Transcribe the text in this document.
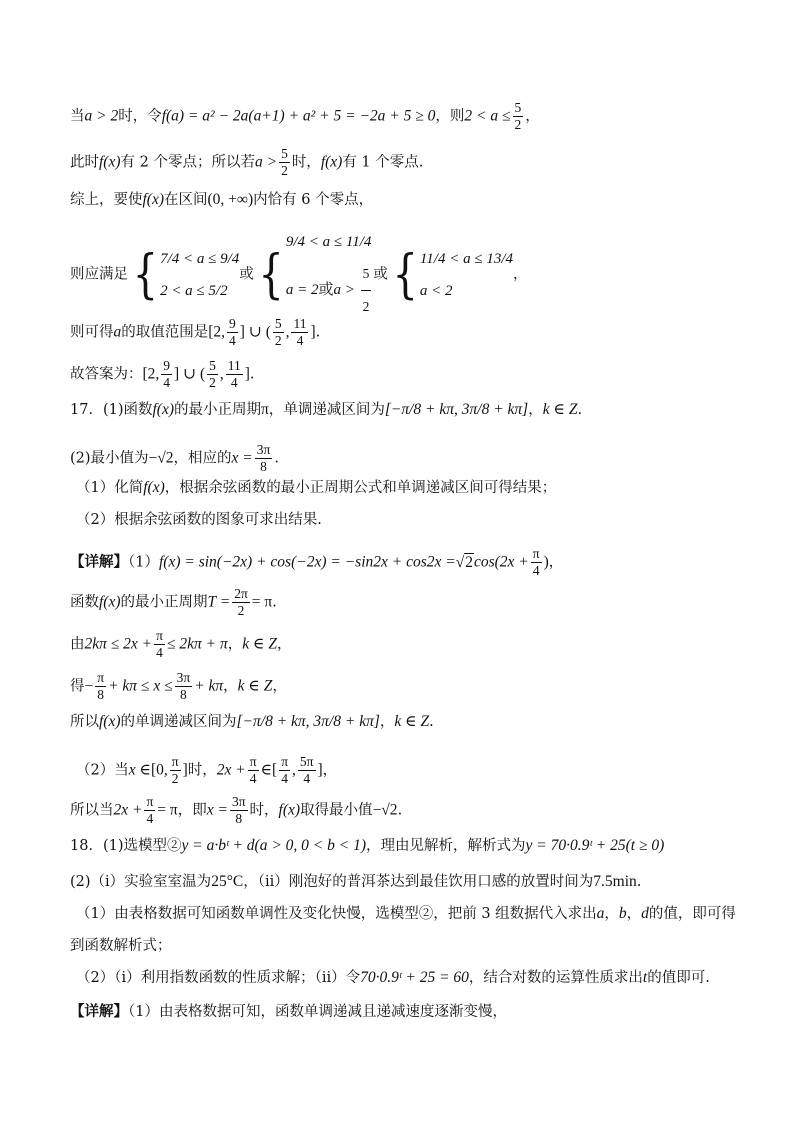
当a > 2时，令f(a) = a² − 2a(a+1) + a² + 5 = −2a + 5 ≥ 0，则$2 < a \le \frac{5}{2}$ ，
此时f(x)有 2 个零点；所以若$a > \frac{5}{2}$ 时，f(x)有 1 个零点.
综上，要使f(x)在区间(0, +∞)内恰有 6 个零点，
则应满足 { 7/4 < a ≤ 9/4
2 < a ≤ 5/2
或 {
9/4 < a ≤ 11/4
a = 2或$a > \frac{5}{2}$ 或 { 11/4 < a ≤ 13/4
a < 2
，
则可得a的取值范围是[2, $\frac{9}{4}$ ] ∪ ( $\frac{5}{2}$ , $\frac{11}{4}$ ].
故答案为：[2, $\frac{9}{4}$ ] ∪ ( $\frac{5}{2}$ , $\frac{11}{4}$ ].
17．(1)函数f(x)的最小正周期π，单调递减区间为[−π/8 + kπ, 3π/8 + kπ]，k ∈ Z.
(2)最小值为−√2，相应的$x = \frac{3\pi}{8}$ .
（1）化简f(x)，根据余弦函数的最小正周期公式和单调递减区间可得结果；
（2）根据余弦函数的图象可求出结果.
【详解】$(1)f(x) = \sin(-2x) + \cos(-2x) = -\sin 2x + \cos 2x =√2\cos(2x + \frac{\pi}{4}$ )，
函数f(x)的最小正周期$T = \frac{2\pi}{2} = \pi$.
由$2k\pi \le 2x + \frac{\pi}{4} \le 2k\pi + \pi$，k ∈ Z，
得− $\frac{\pi}{8} + k\pi \le x \le \frac{3\pi}{8} + k\pi$，k ∈ Z，
所以f(x)的单调递减区间为[−π/8 + kπ, 3π/8 + kπ]，k ∈ Z.
（2）当x ∈[0, $\frac{\pi}{2}$ ]时，$2x + \frac{\pi}{4}$ ∈[ $\frac{\pi}{4}$ , $\frac{5\pi}{4}$ ]，
所以当$2x + \frac{\pi}{4} = \pi$，即$x = \frac{3\pi}{8}$ 时，f(x)取得最小值−√2.
18．(1)选模型②y = a·bᵗ + d(a > 0, 0 < b < 1)，理由见解析，解析式为y = 70·0.9ᵗ + 25(t ≥ 0)
(2)（i）实验室室温为25°C，（ii）刚泡好的普洱茶达到最佳饮用口感的放置时间为7.5min.
（1）由表格数据可知函数单调性及变化快慢，选模型②，把前 3 组数据代入求出a，b，d的值，即可得
到函数解析式；
（2）（i）利用指数函数的性质求解；（ii）令70·0.9ᵗ + 25 = 60，结合对数的运算性质求出t的值即可.
【详解】（1）由表格数据可知，函数单调递减且递减速度逐渐变慢，
